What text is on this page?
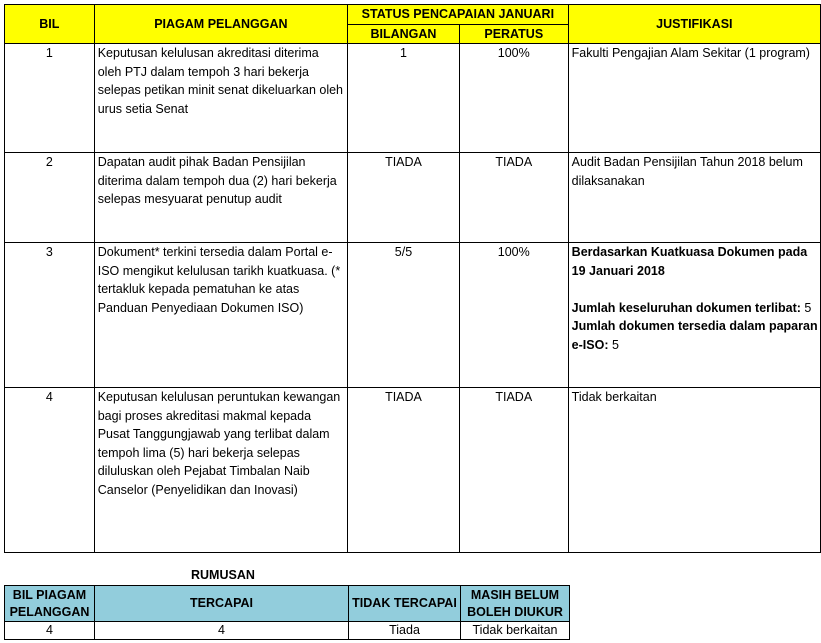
BIL	PIAGAM PELANGGAN	STATUS PENCAPAIAN JANUARI		JUSTIFIKASI
		BILANGAN	PERATUS	
1	Keputusan kelulusan akreditasi diterima oleh PTJ dalam tempoh 3 hari bekerja selepas petikan minit senat dikeluarkan oleh urus setia Senat	1	100%	Fakulti Pengajian Alam Sekitar (1 program)
2	Dapatan audit pihak Badan Pensijilan diterima dalam tempoh dua (2) hari bekerja selepas mesyuarat penutup audit	TIADA	TIADA	Audit Badan Pensijilan Tahun 2018 belum dilaksanakan
3	Dokument* terkini tersedia dalam Portal e-ISO mengikut kelulusan tarikh kuatkuasa. (* tertakluk kepada pematuhan ke atas Panduan Penyediaan Dokumen ISO)	5/5	100%	Berdasarkan Kuatkuasa Dokumen pada 19 Januari 2018
Jumlah keseluruhan dokumen terlibat: 5
Jumlah dokumen tersedia dalam paparan e-ISO: 5

4	Keputusan kelulusan peruntukan kewangan bagi proses akreditasi makmal kepada Pusat Tanggungjawab yang terlibat dalam tempoh lima (5) hari bekerja selepas diluluskan oleh Pejabat Timbalan Naib Canselor (Penyelidikan dan Inovasi)	TIADA	TIADA	Tidak berkaitan
RUMUSAN
BIL PIAGAM PELANGGAN	TERCAPAI	TIDAK TERCAPAI	MASIH BELUM BOLEH DIUKUR
4	4	Tiada	Tidak berkaitan
